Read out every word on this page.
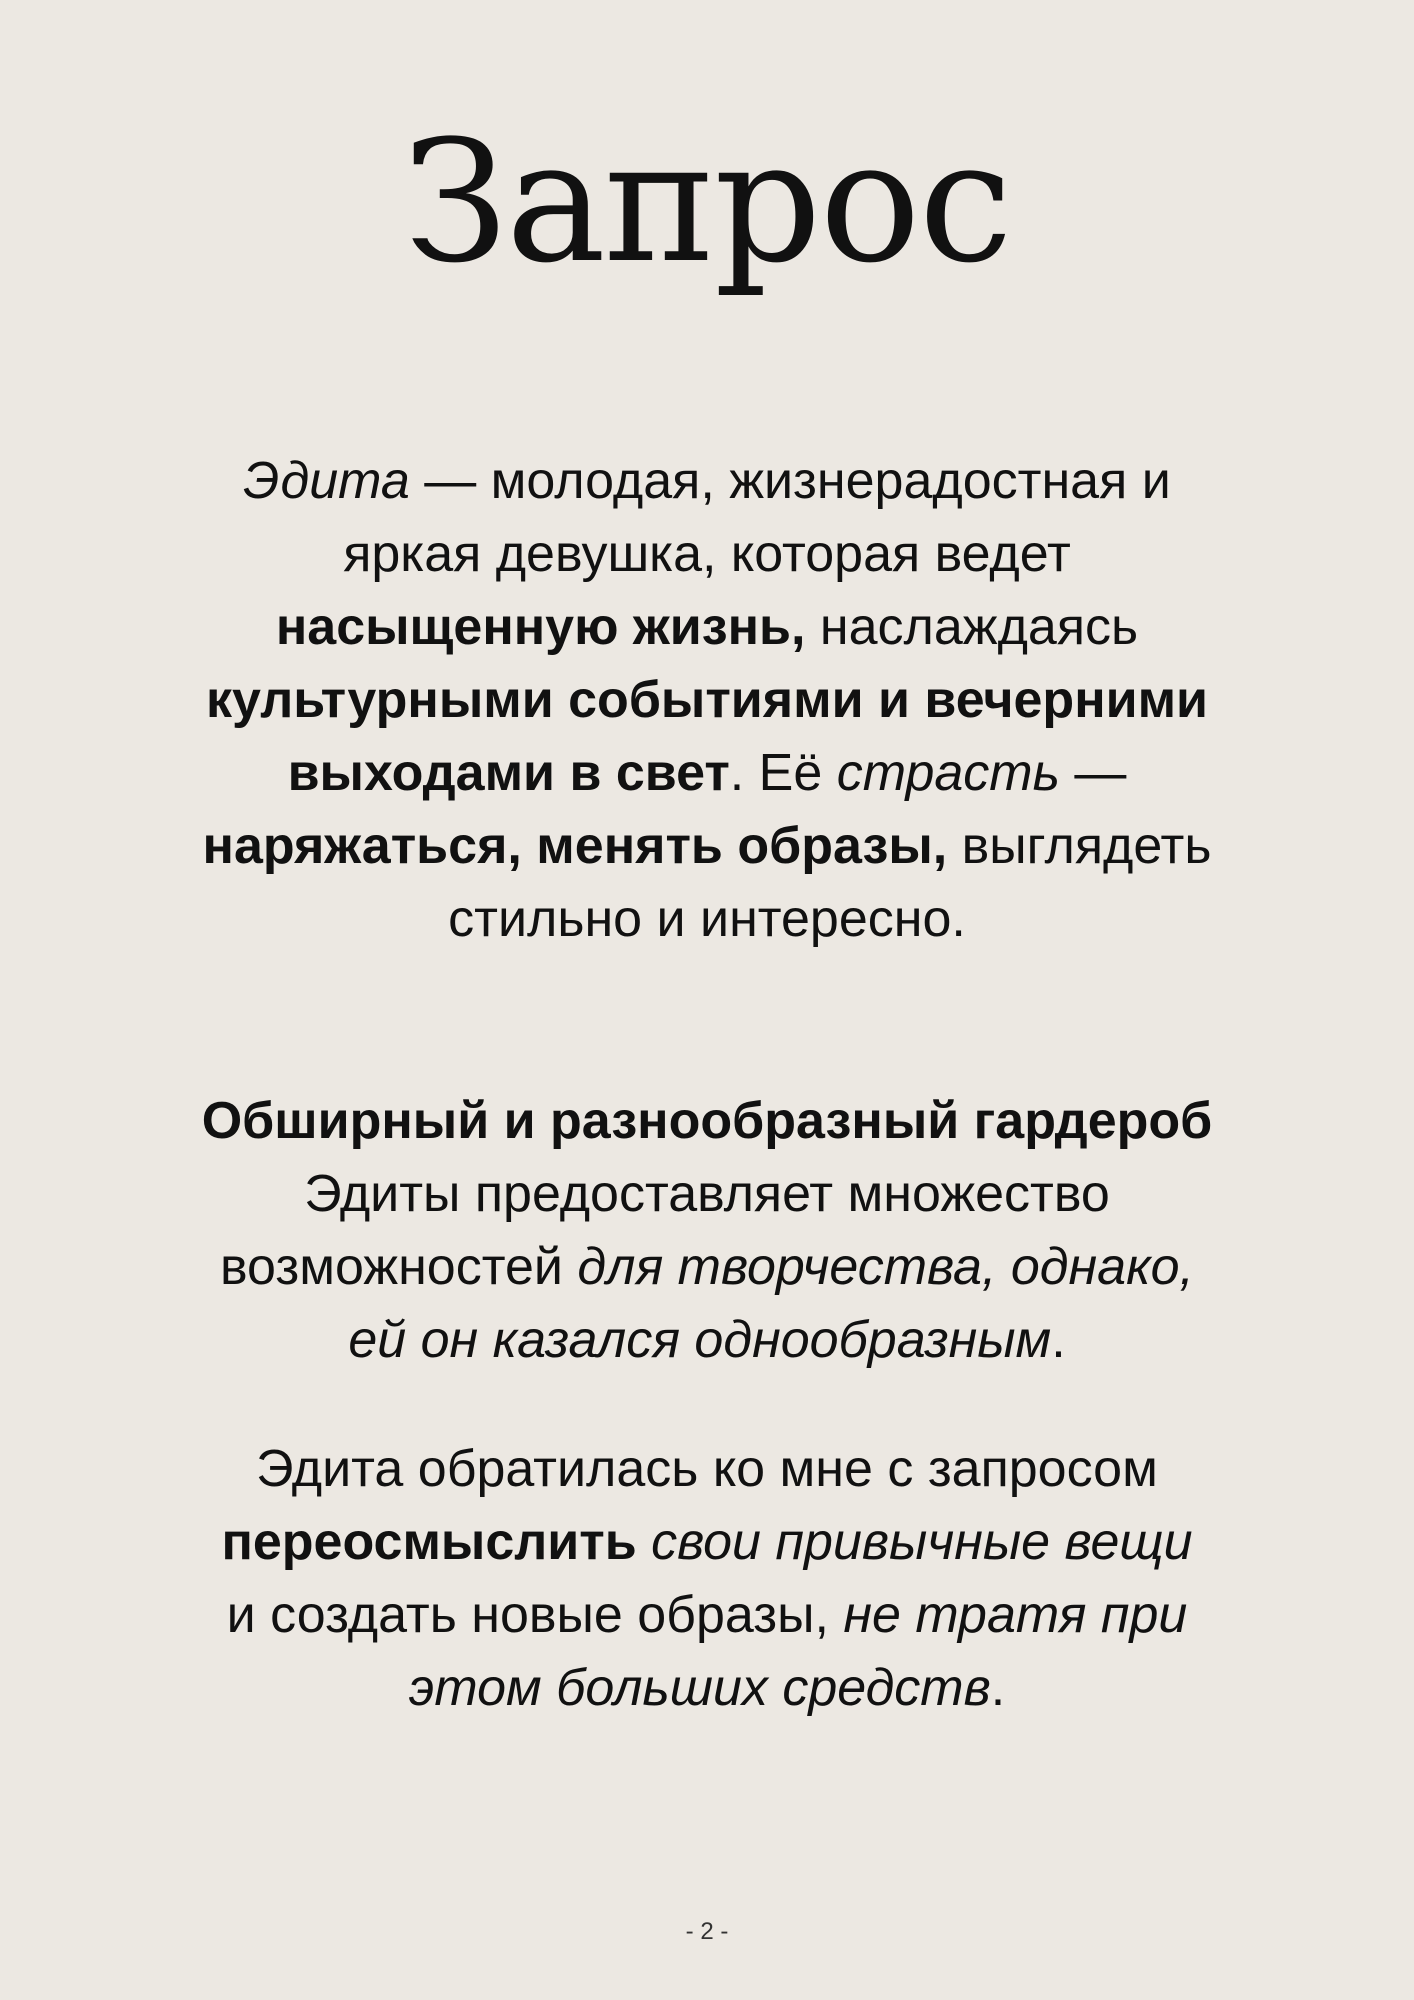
Запрос

Эдита — молодая, жизнерадостная и
яркая девушка, которая ведет
насыщенную жизнь, наслаждаясь
культурными событиями и вечерними
выходами в свет. Её страсть —
наряжаться, менять образы, выглядеть
стильно и интересно.

Обширный и разнообразный гардероб
Эдиты предоставляет множество
возможностей для творчества, однако,
ей он казался однообразным.

Эдита обратилась ко мне с запросом
переосмыслить свои привычные вещи
и создать новые образы, не тратя при
этом больших средств.

- 2 -
